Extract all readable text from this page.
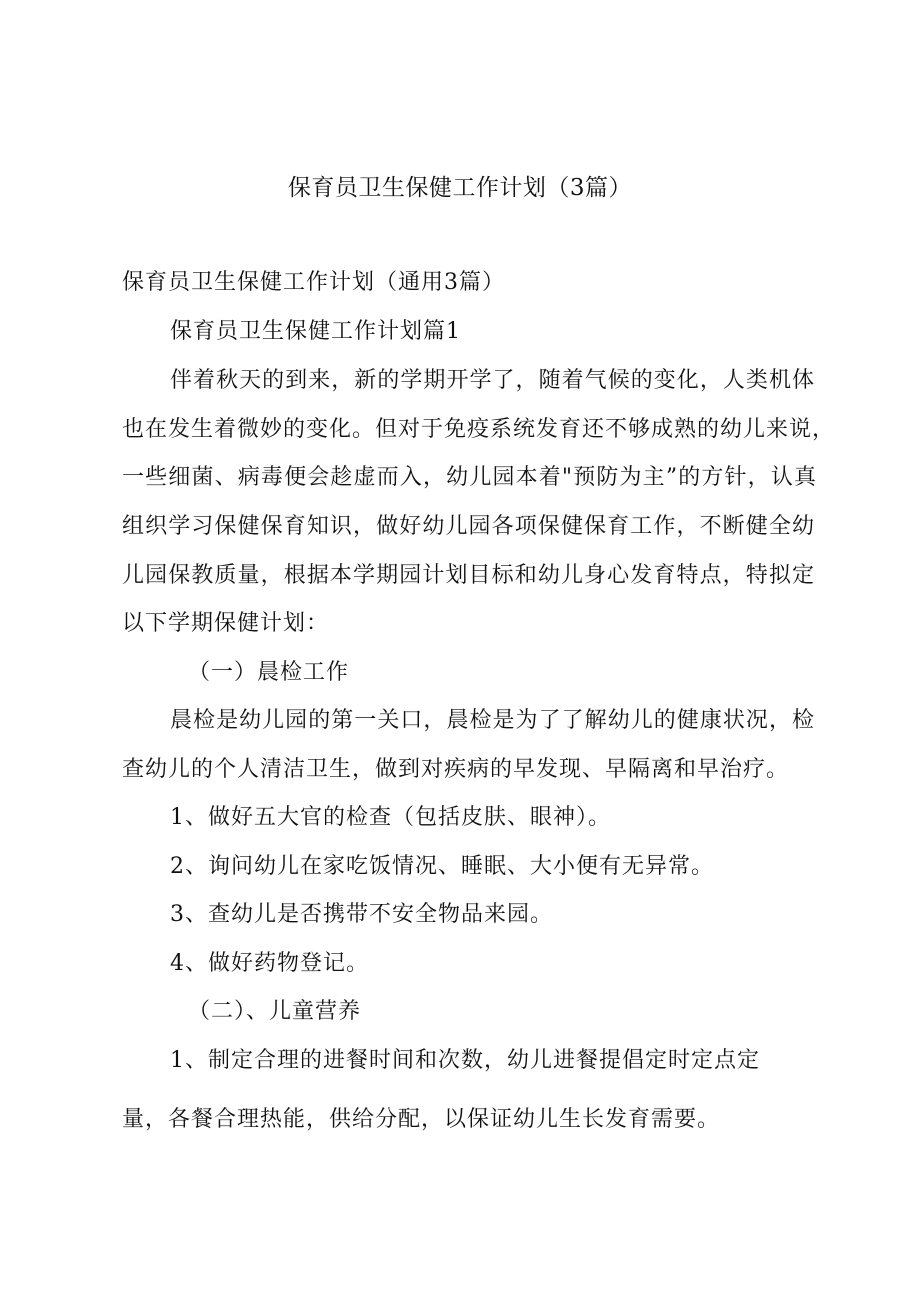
保育员卫生保健工作计划（3篇）
保育员卫生保健工作计划（通用3篇）
保育员卫生保健工作计划篇1
伴着秋天的到来，新的学期开学了，随着气候的变化，人类机体
也在发生着微妙的变化。但对于免疫系统发育还不够成熟的幼儿来说，
一些细菌、病毒便会趁虚而入，幼儿园本着"预防为主”的方针，认真
组织学习保健保育知识，做好幼儿园各项保健保育工作，不断健全幼
儿园保教质量，根据本学期园计划目标和幼儿身心发育特点，特拟定
以下学期保健计划：
（一）晨检工作
晨检是幼儿园的第一关口，晨检是为了了解幼儿的健康状况，检
查幼儿的个人清洁卫生，做到对疾病的早发现、早隔离和早治疗。
1、做好五大官的检查（包括皮肤、眼神）。
2、询问幼儿在家吃饭情况、睡眠、大小便有无异常。
3、查幼儿是否携带不安全物品来园。
4、做好药物登记。
（二）、儿童营养
1、制定合理的进餐时间和次数，幼儿进餐提倡定时定点定
量，各餐合理热能，供给分配，以保证幼儿生长发育需要。
